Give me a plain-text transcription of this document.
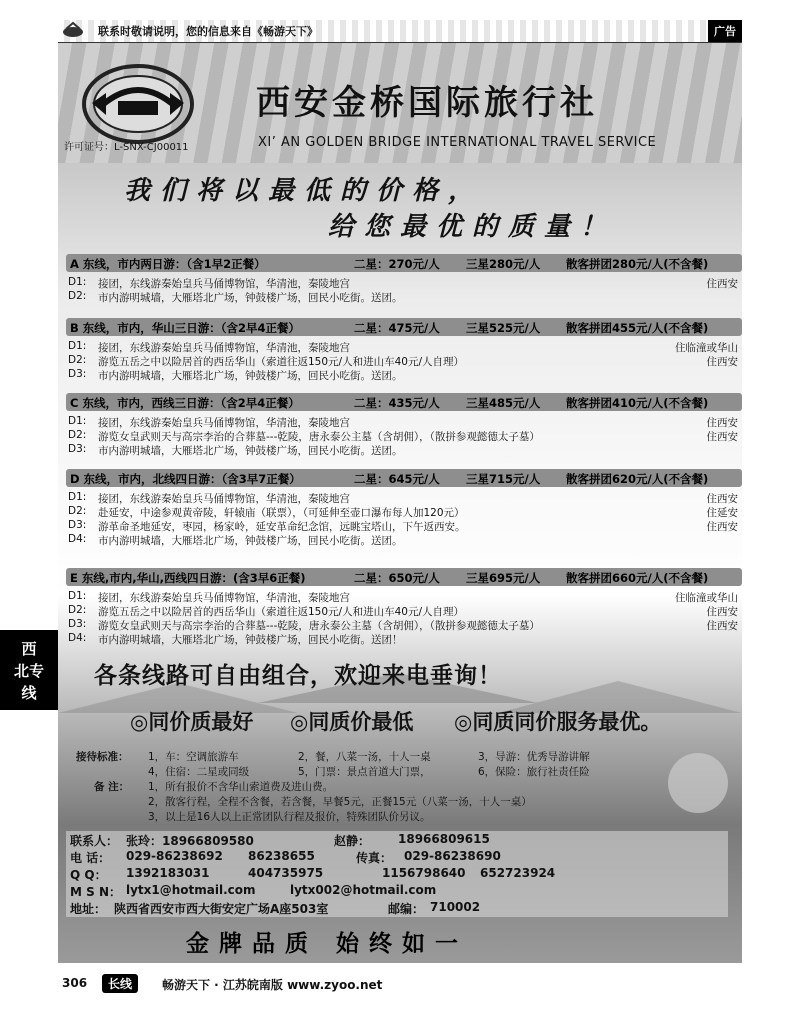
联系时敬请说明，您的信息来自《畅游天下》	广告
西
北专
线
西安金桥国际旅行社
XI’ AN GOLDEN BRIDGE INTERNATIONAL TRAVEL SERVICE
许可证号：L-SNX-CJ00011
我们将以最低的价格，
给您最优的质量！
A 东线，市内两日游：（含1早2正餐）	二星：270元/人 三星280元/人 散客拼团280元/人(不含餐)
D1: 接团，东线游秦始皇兵马俑博物馆，华清池，秦陵地宫	住西安
D2: 市内游明城墙，大雁塔北广场，钟鼓楼广场，回民小吃街。送团。
B 东线，市内，华山三日游：（含2早4正餐）	二星：475元/人 三星525元/人 散客拼团455元/人(不含餐)
D1: 接团，东线游秦始皇兵马俑博物馆，华清池，秦陵地宫	住临潼或华山
D2: 游览五岳之中以险居首的西岳华山（索道往返150元/人和进山车40元/人自理）	住西安
D3: 市内游明城墙，大雁塔北广场，钟鼓楼广场，回民小吃街。送团。
C 东线，市内，西线三日游：（含2早4正餐）	二星：435元/人 三星485元/人 散客拼团410元/人(不含餐)
D1: 接团，东线游秦始皇兵马俑博物馆，华清池，秦陵地宫	住西安
D2: 游览女皇武则天与高宗李治的合葬墓---乾陵，唐永泰公主墓（含胡佣），（散拼参观懿德太子墓）	住西安
D3: 市内游明城墙，大雁塔北广场，钟鼓楼广场，回民小吃街。送团。
D 东线，市内，北线四日游：（含3早7正餐）	二星：645元/人 三星715元/人 散客拼团620元/人(不含餐)
D1: 接团，东线游秦始皇兵马俑博物馆，华清池，秦陵地宫	住西安
D2: 赴延安，中途参观黄帝陵，轩辕庙（联票），（可延伸至壶口瀑布每人加120元）	住延安
D3: 游革命圣地延安，枣园，杨家岭，延安革命纪念馆，远眺宝塔山，下午返西安。	住西安
D4: 市内游明城墙，大雁塔北广场，钟鼓楼广场，回民小吃街。送团。
E 东线,市内,华山,西线四日游：(含3早6正餐)	二星：650元/人 三星695元/人 散客拼团660元/人(不含餐)
D1: 接团，东线游秦始皇兵马俑博物馆，华清池，秦陵地宫	住临潼或华山
D2: 游览五岳之中以险居首的西岳华山（索道往返150元/人和进山车40元/人自理）	住西安
D3: 游览女皇武则天与高宗李治的合葬墓---乾陵，唐永泰公主墓（含胡佣），（散拼参观懿德太子墓）	住西安
D4: 市内游明城墙，大雁塔北广场，钟鼓楼广场，回民小吃街。送团！
各条线路可自由组合，欢迎来电垂询！
◎同价质最好 ◎同质价最低 ◎同质同价服务最优。
接待标准： 1，车：空调旅游车	2，餐，八菜一汤，十人一桌	3，导游：优秀导游讲解
4，住宿：二星或同级	5，门票：景点首道大门票，	6，保险：旅行社责任险
备 注： 1，所有报价不含华山索道费及进山费。
2，散客行程，全程不含餐，若含餐，早餐5元，正餐15元（八菜一汤，十人一桌）
3，以上是16人以上正常团队行程及报价，特殊团队价另议。
联系人： 张玲：18966809580	赵静： 18966809615
电 话： 029-86238692 86238655	传真： 029-86238690
Q Q： 1392183031	404735975	1156798640 652723924
M S N： lytx1@hotmail.com	lytx002@hotmail.com
地址： 陕西省西安市西大街安定广场A座503室	邮编： 710002
金牌品质 始终如一
306	长线	畅游天下 · 江苏皖南版 www.zyoo.net
